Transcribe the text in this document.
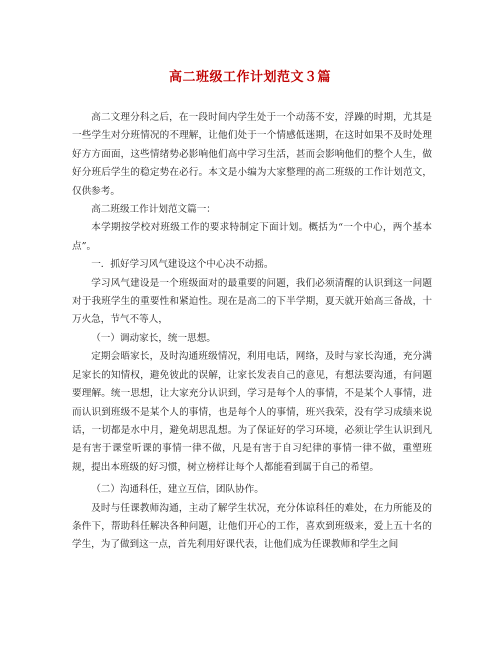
高二班级工作计划范文３篇

高二文理分科之后，在一段时间内学生处于一个动荡不安，浮躁的时期，尤其是一些学生对分班情况的不理解，让他们处于一个情感低迷期，在这时如果不及时处理好方方面面，这些情绪势必影响他们高中学习生活，甚而会影响他们的整个人生，做好分班后学生的稳定势在必行。本文是小编为大家整理的高二班级的工作计划范文，仅供参考。

高二班级工作计划范文篇一：

本学期按学校对班级工作的要求特制定下面计划。概括为“一个中心，两个基本点”。

一．抓好学习风气建设这个中心决不动摇。

学习风气建设是一个班级面对的最重要的问题，我们必须清醒的认识到这一问题对于我班学生的重要性和紧迫性。现在是高二的下半学期，夏天就开始高三备战，十万火急，节气不等人，

（一）调动家长，统一思想。

定期会晤家长，及时沟通班级情况，利用电话，网络，及时与家长沟通，充分满足家长的知情权，避免彼此的误解，让家长发表自己的意见，有想法要沟通，有问题要理解。统一思想，让大家充分认识到，学习是每个人的事情，不是某个人事情，进而认识到班级不是某个人的事情，也是每个人的事情，班兴我荣，没有学习成绩来说话，一切都是水中月，避免胡思乱想。为了保证好的学习环境，必须让学生认识到凡是有害于课堂听课的事情一律不做，凡是有害于自习纪律的事情一律不做，重塑班规，提出本班级的好习惯，树立榜样让每个人都能看到属于自己的希望。

（二）沟通科任，建立互信，团队协作。

及时与任课教师沟通，主动了解学生状况，充分体谅科任的难处，在力所能及的条件下，帮助科任解决各种问题，让他们开心的工作，喜欢到班级来，爱上五十名的学生，为了做到这一点，首先利用好课代表，让他们成为任课教师和学生之间
